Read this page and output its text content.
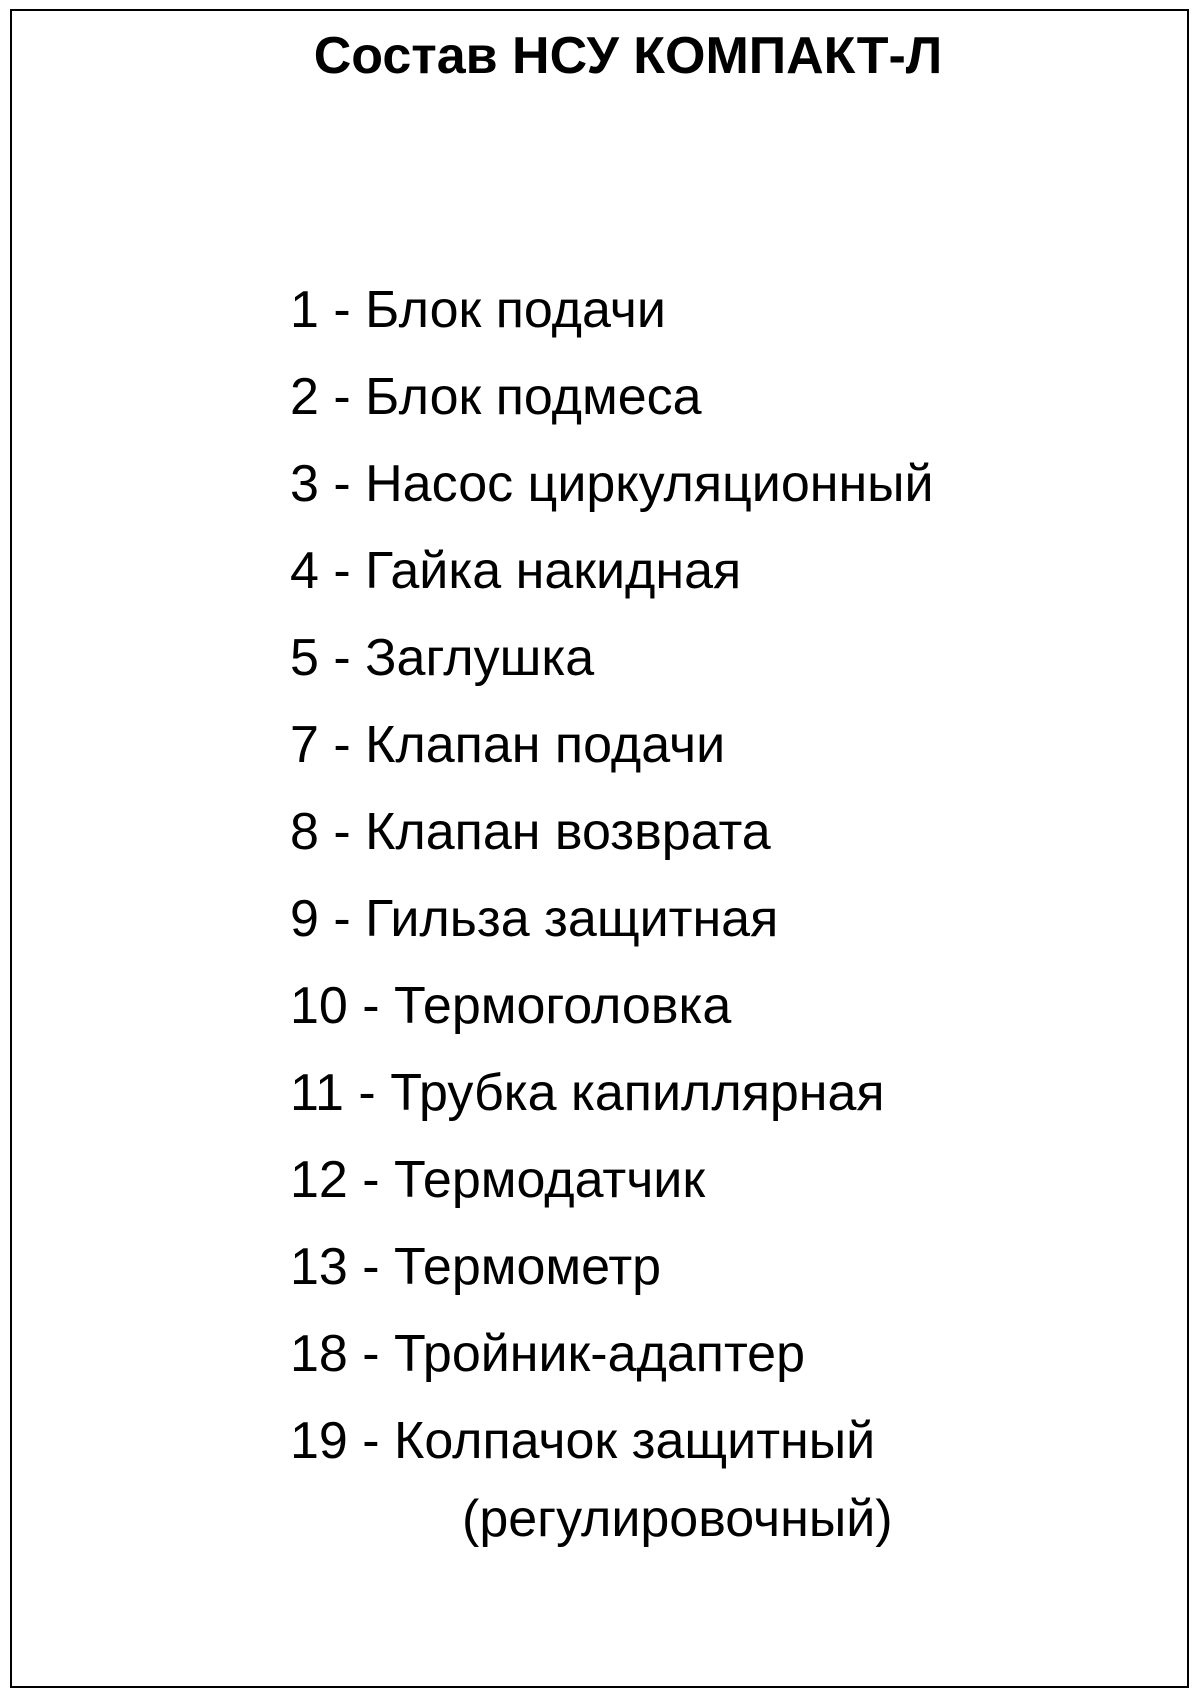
Состав НСУ КОМПАКТ-Л
1 - Блок подачи
2 - Блок подмеса
3 - Насос циркуляционный
4 - Гайка накидная
5 - Заглушка
7 - Клапан подачи
8 - Клапан возврата
9 - Гильза защитная
10 - Термоголовка
11 - Трубка капиллярная
12 - Термодатчик
13 - Термометр
18 - Тройник-адаптер
19 - Колпачок защитный
(регулировочный)
